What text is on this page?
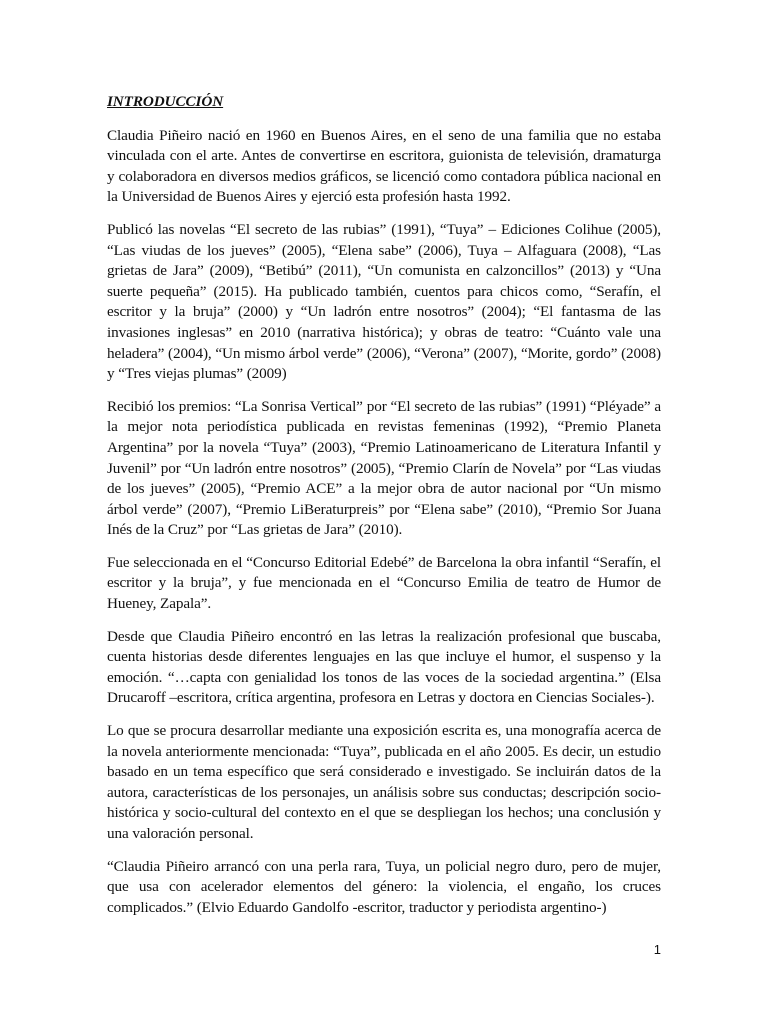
INTRODUCCIÓN

Claudia Piñeiro nació en 1960 en Buenos Aires, en el seno de una familia que no estaba vinculada con el arte. Antes de convertirse en escritora, guionista de televisión, dramaturga y colaboradora en diversos medios gráficos, se licenció como contadora pública nacional en la Universidad de Buenos Aires y ejerció esta profesión hasta 1992.

Publicó las novelas “El secreto de las rubias” (1991), “Tuya” – Ediciones Colihue (2005), “Las viudas de los jueves” (2005), “Elena sabe” (2006), Tuya – Alfaguara (2008), “Las grietas de Jara” (2009), “Betibú” (2011), “Un comunista en calzoncillos” (2013) y “Una suerte pequeña” (2015). Ha publicado también, cuentos para chicos como, “Serafín, el escritor y la bruja” (2000) y “Un ladrón entre nosotros” (2004); “El fantasma de las invasiones inglesas” en 2010 (narrativa histórica); y obras de teatro: “Cuánto vale una heladera” (2004), “Un mismo árbol verde” (2006), “Verona” (2007), “Morite, gordo” (2008) y “Tres viejas plumas” (2009)

Recibió los premios: “La Sonrisa Vertical” por “El secreto de las rubias” (1991) “Pléyade” a la mejor nota periodística publicada en revistas femeninas (1992), “Premio Planeta Argentina” por la novela “Tuya” (2003), “Premio Latinoamericano de Literatura Infantil y Juvenil” por “Un ladrón entre nosotros” (2005), “Premio Clarín de Novela” por “Las viudas de los jueves” (2005), “Premio ACE” a la mejor obra de autor nacional por “Un mismo árbol verde” (2007), “Premio LiBeraturpreis” por “Elena sabe” (2010), “Premio Sor Juana Inés de la Cruz” por “Las grietas de Jara” (2010).

Fue seleccionada en el “Concurso Editorial Edebé” de Barcelona la obra infantil “Serafín, el escritor y la bruja”, y fue mencionada en el “Concurso Emilia de teatro de Humor de Hueney, Zapala”.

Desde que Claudia Piñeiro encontró en las letras la realización profesional que buscaba, cuenta historias desde diferentes lenguajes en las que incluye el humor, el suspenso y la emoción. “…capta con genialidad los tonos de las voces de la sociedad argentina.” (Elsa Drucaroff –escritora, crítica argentina, profesora en Letras y doctora en Ciencias Sociales-).

Lo que se procura desarrollar mediante una exposición escrita es, una monografía acerca de la novela anteriormente mencionada: “Tuya”, publicada en el año 2005. Es decir, un estudio basado en un tema específico que será considerado e investigado. Se incluirán datos de la autora, características de los personajes, un análisis sobre sus conductas; descripción socio-histórica y socio-cultural del contexto en el que se despliegan los hechos; una conclusión y una valoración personal.

“Claudia Piñeiro arrancó con una perla rara, Tuya, un policial negro duro, pero de mujer, que usa con acelerador elementos del género: la violencia, el engaño, los cruces complicados.” (Elvio Eduardo Gandolfo -escritor, traductor y periodista argentino-)

1
